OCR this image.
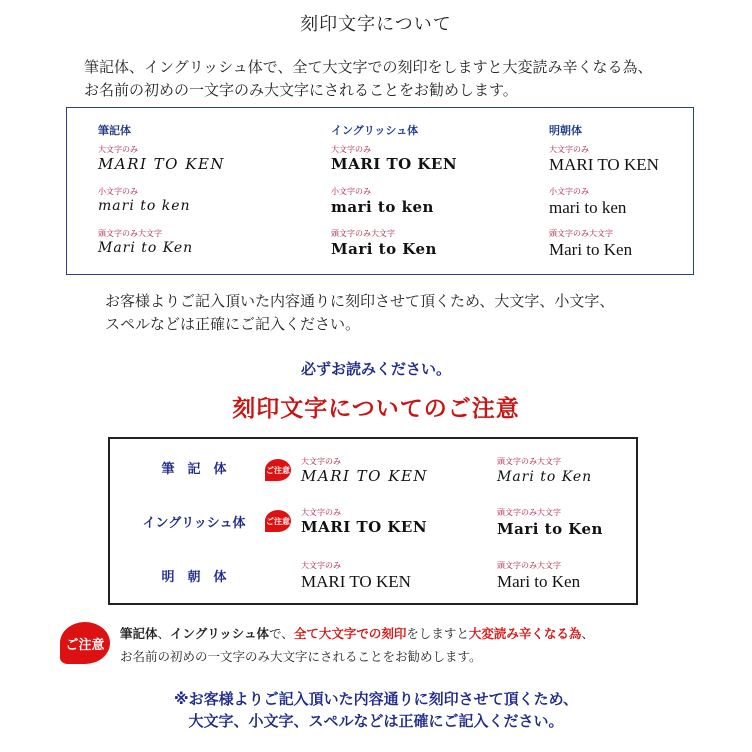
刻印文字について
筆記体、イングリッシュ体で、全て大文字での刻印をしますと大変読み辛くなる為、
お名前の初めの一文字のみ大文字にされることをお勧めします。
筆記体
大文字のみ
MARI TO KEN
小文字のみ
mari to ken
頭文字のみ大文字
Mari to Ken
イングリッシュ体
大文字のみ
MARI TO KEN
小文字のみ
mari to ken
頭文字のみ大文字
Mari to Ken
明朝体
大文字のみ
MARI TO KEN
小文字のみ
mari to ken
頭文字のみ大文字
Mari to Ken
お客様よりご記入頂いた内容通りに刻印させて頂くため、大文字、小文字、
スペルなどは正確にご記入ください。
必ずお読みください。
刻印文字についてのご注意
筆　記　体	ご注意
大文字のみ
MARI TO KEN
頭文字のみ大文字
Mari to Ken
イングリッシュ体	ご注意
大文字のみ
MARI TO KEN
頭文字のみ大文字
Mari to Ken
明　朝　体
大文字のみ
MARI TO KEN
頭文字のみ大文字
Mari to Ken
ご注意
筆記体、イングリッシュ体で、全て大文字での刻印をしますと大変読み辛くなる為、
お名前の初めの一文字のみ大文字にされることをお勧めします。
※お客様よりご記入頂いた内容通りに刻印させて頂くため、
大文字、小文字、スペルなどは正確にご記入ください。
